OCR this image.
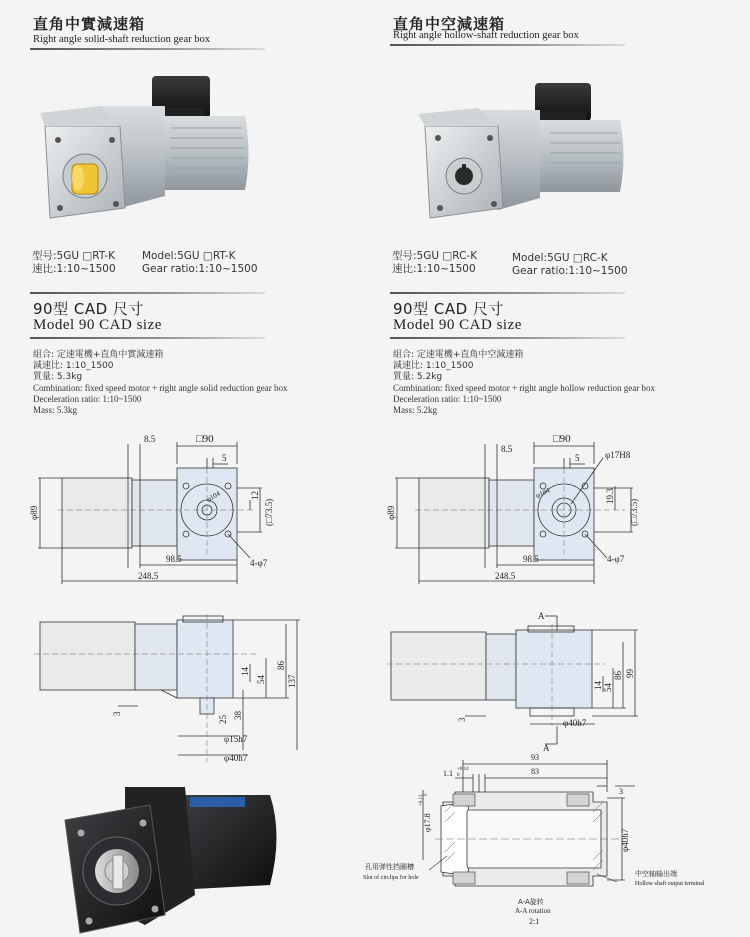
直角中實減速箱
Right angle solid-shaft reduction gear box
型号:5GU □RT-K
速比:1:10~1500
Model:5GU □RT-K
Gear ratio:1:10~1500
90型 CAD 尺寸
Model 90 CAD size
組合: 定速電機+直角中實減速箱
減速比: 1:10_1500
質量: 5.3kg
Combination: fixed speed motor + right angle solid reduction gear box
Deceleration ratio: 1:10~1500
Mass: 5.3kg
8.5	□90
5
φ89
φ104	12
(□73.5)
4-φ7
98.5
248.5
3
14
54
86
137
25 38
φ15h7
φ40h7
直角中空減速箱
Right angle hollow-shaft reduction gear box
型号:5GU □RC-K
速比:1:10~1500
Model:5GU □RC-K
Gear ratio:1:10~1500
90型 CAD 尺寸
Model 90 CAD size
組合: 定速電機+直角中空減速箱
減速比: 1:10_1500
質量: 5.2kg
Combination: fixed speed motor + right angle hollow reduction gear box
Deceleration ratio: 1:10~1500
Mass: 5.2kg
8.5
□90
5	φ17H8
φ89
φ104	19.3
(□73.5)
4-φ7
98.5
248.5
A
A
3
14 54
86 99
φ40h7
93
83
1.1 +0.14
0
φ17.8
+0.11 0	3
φ40h7
孔用弹性挡圈槽
Slot of circlips for hole	中空轴输出端
Hollow shaft output terminal
A-A旋转
A-A rotation
2:1
